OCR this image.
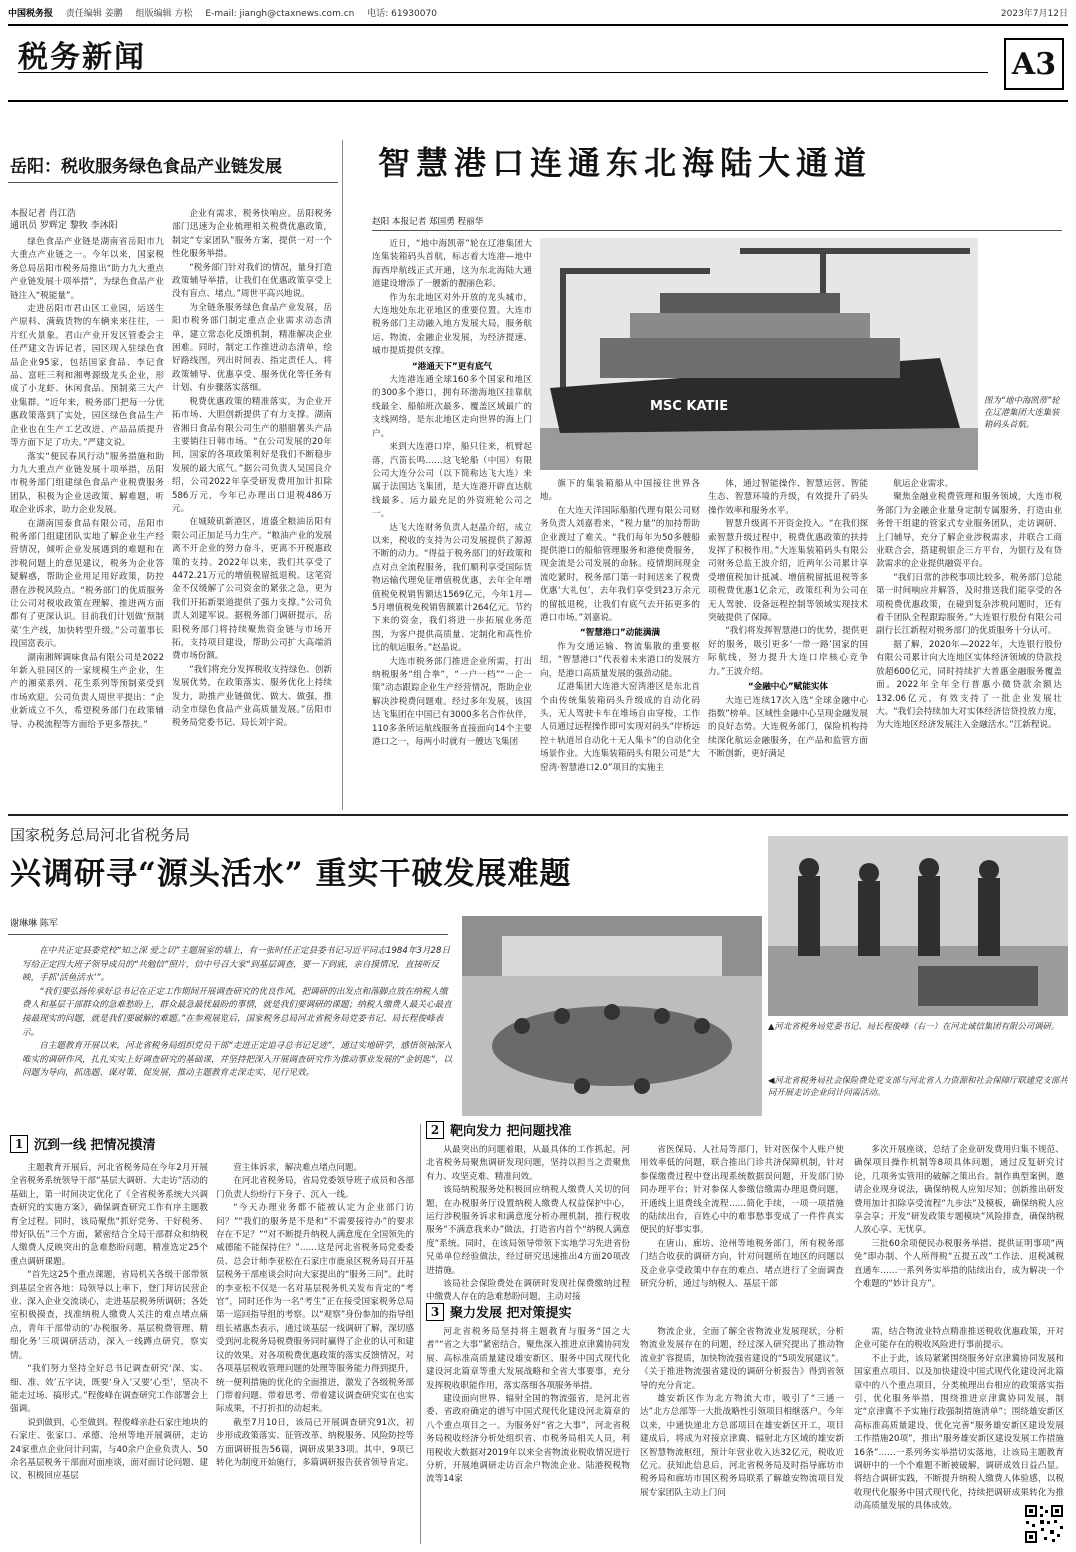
中国税务报 责任编辑 姜鹏 组版编辑 方松 E-mail: jiangh@ctaxnews.com.cn 电话: 61930070	2023年7月12日
税务新闻	A3
岳阳：税收服务绿色食品产业链发展
本报记者 肖江浩
通讯员 罗辉定 黎牧 李沐阳

绿色食品产业链是湖南省岳阳市九大重点产业链之一。今年以来，国家税务总局岳阳市税务局推出“助力九大重点产业链发展十项举措”，为绿色食品产业链注入“税能量”。

走进岳阳市君山区工业园，运送生产原料、满载货物的车辆来来往往，一片红火景象。君山产业开发区管委会主任严建文告诉记者，园区现入驻绿色食品企业95家，包括国家食品、李记食品、富旺三利和湘粤源级龙头企业，形成了小龙虾、休闲食品、预制菜三大产业集群。“近年来，税务部门把每一分优惠政策落到了实处，园区绿色食品生产企业也在生产工艺改进、产品品质提升等方面下足了功夫。”严建文说。

落实“便民春风行动”服务措施和助力九大重点产业链发展十项举措，岳阳市税务部门组建绿色食品产业税费服务团队，积极为企业送政策、解难题，听取企业诉求，助力企业发展。

在湖南国泰食品有限公司，岳阳市税务部门组建团队实地了解企业生产经营情况，倾听企业发展遇到的难题和在涉税问题上的意见建议，税务为企业答疑解惑，帮助企业用足用好政策，防控潜在涉税风险点。“税务部门的优质服务让公司对税收政策在理解、推进两方面都有了更深认识。目前我们计划做‘预制菜’生产线，加快转型升级。”公司董事长段国富表示。

湖南湘辉调味食品有限公司是2022年新入驻园区的一家规模生产企业，生产的湘菜系列、花生系列等预制菜受到市场欢迎。公司负责人周世平提出：“企业新成立不久，希望税务部门在政策辅导、办税流程等方面给予更多帮扶。”

企业有需求，税务快响应。岳阳税务部门迅速为企业梳理相关税费优惠政策，制定“专家团队”服务方案，提供一对一个性化服务举措。

“税务部门针对我们的情况，量身打造政策辅导举措，让我们在优惠政策享受上没有盲点、堵点。”周世平高兴地说。

为全链条服务绿色食品产业发展，岳阳市税务部门制定重点企业需求动态清单，建立常态化反馈机制，精准解决企业困难。同时，制定工作推进动态清单，绘好路线图，列出时间表、指定责任人，将政策辅导、优惠享受、服务优化等任务有计划、有步骤落实落细。

税费优惠政策的精准落实，为企业开拓市场、大胆创新提供了有力支撑。湖南省湘日食品有限公司生产的腊腊薯头产品主要销往日韩市场。“在公司发展的20年间，国家的各项政策利好是我们不断稳步发展的最大底气。”据公司负责人吴国良介绍，公司2022年享受研发费用加计扣除586万元，今年已办理出口退税486万元。

在城陵矶新港区，道盛全粮油岳阳有限公司正加足马力生产。“粮油产业的发展离不开企业的努力奋斗，更离不开税惠政策的支持。2022年以来，我们共享受了4472.21万元的增值税留抵退税。这笔资金不仅缓解了公司资金的紧张之急，更为我们开拓新渠道提供了强力支撑。”公司负责人刘建军说。据税务部门调研提示，岳阳税务部门将持续聚焦资金链与市场开拓，支持项目建设，帮助公司扩大高端消费市场份额。

“我们将充分发挥税收支持绿色、创新发展优势，在政策落实、服务优化上持续发力，助推产业链做优、做大、做强，推动全市绿色食品产业高质量发展。”岳阳市税务局党委书记、局长刘宇说。

智慧港口连通东北海陆大通道
赵阳 本报记者 郑国勇 程丽华

近日，“地中海凯蒂”轮在辽港集团大连集装箱码头首航，标志着大连港—地中海西岸航线正式开通，这为东北海陆大通道建设增添了一艘新的靓丽色彩。

作为东北地区对外开放的龙头城市，大连地处东北亚地区的重要位置。大连市税务部门主动融入地方发展大局，服务航运、物流、金融企业发展，为经济提速、城市提质提供支撑。

“港通天下”更有底气

大连港连通全球160多个国家和地区的300多个港口，拥有环渤海地区挂靠航线最全、船舶班次最多、覆盖区域最广的支线网络，是东北地区走向世界的海上门户。

来到大连港口岸，船只往来，机臂起落，汽笛长鸣……这飞轮船（中国）有限公司大连分公司（以下简称达飞大连）来属于法国达飞集团，是大连港开辟直达航线最多、运力最充足的外资班轮公司之一。

达飞大连财务负责人赵晶介绍，成立以来，税收的支持为公司发展提供了源源不断的动力。“得益于税务部门的好政策和点对点全流程服务，我们顺利享受国际货物运输代理免征增值税优惠，去年全年增值税免税销售额达1569亿元，今年1月—5月增值税免税销售额累计264亿元。节约下来的资金，我们将进一步拓展业务范围，为客户提供高质量、定制化和高性价比的航运服务。”赵晶说。

大连市税务部门推进企业所需，打出纳税服务“组合拳”，“一户一档”“一企一策”动态跟踪企业生产经营情况，帮助企业解决涉税费问题难。经过多年发展，该国达飞集团在中国已有3000多名合作伙伴，110多条所运航线服务直接面向14个主要港口之一，每两小时就有一艘达飞集团

MSC KATIE	图为“地中海凯蒂”轮在辽港集团大连集装箱码头首航。

旗下的集装箱船从中国接往世界各地。

在大连天洋国际船舶代理有限公司财务负责人刘嘉看来，“税力量”的加持帮助企业渡过了难关。“我们每年为50多艘船提供港口的船舶管理服务和港使费服务，现金流是公司发展的命脉。疫情期间现金流吃紧时，税务部门第一时间送来了税费优惠‘大礼包’，去年我们享受到23万余元的留抵退税，让我们有底气去开拓更多的港口市场。”刘嘉说。

“智慧港口”动能满满

作为交通运输、物流集散的重要枢纽，“智慧港口”代表着未来港口的发展方向，是港口高质量发展的强劲动能。

辽港集团大连港大窑湾港区是东北首个由传统集装箱码头升级成的自动化码头，无人驾驶卡车在堆场自由穿梭，工作人员通过远程操作即可实现对码头“岸桥远控＋轨道吊自动化＋无人集卡”的自动化全场景作业。大连集装箱码头有限公司是“大窑湾·智慧港口2.0”项目的实施主

体，通过智能操作、智慧运营、智能生态、智慧环境的升级，有效提升了码头操作效率和服务水平。

智慧升级离不开资金投入。“在我们探索智慧升级过程中，税费优惠政策的扶持发挥了积极作用。”大连集装箱码头有限公司财务总监王波介绍，近两年公司累计享受增值税加计抵减、增值税留抵退税等多项税费优惠1亿余元，政策红利为公司在无人驾驶、设备远程控制等领域实现技术突破提供了保障。

“我们将发挥智慧港口的优势，提供更好的服务，吸引更多‘一带一路’国家的国际航线，努力提升大连口岸核心竞争力。”王波介绍。

“金融中心”赋能实体

大连已连续17次入选“全球金融中心指数”榜单。区域性金融中心呈现金融发展的良好态势。大连税务部门，保险机构持续深化航运金融服务，在产品和监管方面不断创新，更好满足

航运企业需求。

聚焦金融业税费管理和服务领域，大连市税务部门为金融企业量身定制专属服务，打造由业务骨干组建的管家式专业服务团队，走访调研、上门辅导，充分了解企业涉税需求，并联合工商业联合会，搭建税银企三方平台，为银行及有贷款需求的企业提供融资平台。

“我们日常的涉税事项比较多，税务部门总能第一时间响应并解答，及时推送我们能享受的各项税费优惠政策，在碰到复杂涉税问题时，还有着千团队全程跟踪服务。”大连银行股份有限公司副行长江新程对税务部门的优质服务十分认可。

据了解，2020年—2022年，大连银行股份有限公司累计向大连地区实体经济领域的贷款投放超600亿元，同时持续扩大普惠金融服务覆盖面。2022年全年全行普惠小微贷款余额达132.06亿元，有效支持了一批企业发展壮大。“我们会持续加大对实体经济信贷投放力度，为大连地区经济发展注入金融活水。”江新程说。

国家税务总局河北省税务局
兴调研寻“源头活水” 重实干破发展难题
谢琳琳 陈军

在中共正定县委党校“知之深 爱之切”主题展室的墙上，有一张时任正定县委书记习近平同志1984年3月28日写给正定四大班子领导成员的“共勉信”照片，信中号召大家“到基层调查，要一下到底，亲自摸情况，直接听反映，手抓‘活鱼活水’”。

“我们要弘扬传承好总书记在正定工作期间开展调查研究的优良作风，把调研的出发点和落脚点放在纳税人缴费人和基层干部群众的急难愁盼上，群众最急最忧最盼的事情，就是我们要调研的课题；纳税人缴费人最关心最直接最现实的问题，就是我们要破解的难题。”在参观展览后，国家税务总局河北省税务局党委书记、局长程俊峰表示。

自主题教育开展以来，河北省税务局组织党员干部“走进正定追寻总书记足迹”，通过实地研学，感悟领袖深入唯实的调研作风，扎扎实实上好调查研究的基础课，并坚持把深入开展调查研究作为推动事业发展的“金钥匙”，以问题为导向，抓选题、谋对策、促发展，推动主题教育走深走实、见行见效。

▲河北省税务局党委书记、局长程俊峰（右一）在河北诚信集团有限公司调研。
◀河北省税务局社会保险费处党支部与河北省人力资源和社会保障厅联建党支部共同开展走访企业问计问需活动。
1 沉到一线 把情况摸清

主题教育开展后，河北省税务局在今年2月开展全省税务系统领导干部“基层大调研、大走访”活动的基础上，第一时间决定优化了《全省税务系统大兴调查研究的实施方案》，确保调查研究工作有序主题教育全过程。同时，该局聚焦“抓好党务、干好税务、带好队伍”三个方面，紧密结合全局干部群众和纳税人缴费人反映突出的急难愁盼问题，精准选定25个重点调研课题。

“首先这25个重点课题，省局机关各级干部带领到基层全省各地：局领导以上率下，登门拜访民营企业、深入企业交流谈心，走进基层税务所调研；各处室积极摸查，找准纳税人缴费人关注的难点堵点痛点，青年干部带动的‘办税服务、基层税费管理、精细化务’三项调研活动，深入一线蹲点研究，察实情。

“我们努力坚持全好总书记调查研究‘深、实、细、准、效’五字诀，既要‘身入’又要‘心至’，坚决不能走过场、搞形式。”程俊峰在调查研究工作部署会上强调。

说到做到，心至做到。程俊峰亲赴石家庄地块的石家庄、张家口、承德、沧州等地开展调研，走访24家重点企业问计问需，与40余户企业负责人、50余名基层税务干部面对面座谈，面对面讨论问题、建议，积极回应基层

营主体诉求，解决难点堵点问题。

在河北省税务局，省局党委领导班子成员和各部门负责人纷纷行下身子、沉入一线。

“今天办理业务都不能被认定为企业部门访问？”“我们的服务是不是和“不需要接待办”的要求存在不足？”“对不断提升纳税人满意度在全国领先的威德能不能保持住？”……这是河北省税务局党委委员、总会计师李亚松在石家庄市鹿泉区税务局召开基层税务干部座谈会时向大家提出的“服务三问”。此时的李亚松不仅是一名对基层税务机关发布肯定的“考官”，同时还作为一名“考生”正在接受国家税务总局第一巡回指导组的考察。以“观察”身份参加的指导组组长褚惠杰表示，通过谈基层一线调研了解，深切感受到河北税务局税费服务同时赢得了企业的认可和建议的效果。对各项税费优惠政策的落实反馈情况，对各项基层税收管理问题的处理等服务能力得到提升，统一便利措施的优化的全面推进，激发了各级税务部门带着问题、带着思考、带着建议调查研究实在也实际成果，不打折扣的动起来。

截至7月10日，该局已开展调查研究91次，初步形成政策落实、征管改革、纳税服务、风险防控等方面调研报告56篇，调研成果33项。其中，9项已转化为制度开始施行，多篇调研报告获省领导肯定。

2 靶向发力 把问题找准

从最突出的问题着眼，从最具体的工作抓起。河北省税务局聚焦调研发现问题，坚持以担当之责聚焦有力、攻坚克难、精准问效。

该局纳税服务处积极回应纳税人缴费人关切的问题，在办税服务厅设置纳税人缴费人权益保护中心，运行涉税服务诉求和满意度分析办理机制，推行税收服务“不满意我来办”做法，打造省内首个“纳税人满意度”系统。同时，在该局领导带领下实地学习先进省份兄弟单位经验做法，经过研究迅速推出4方面20项改进措施。

该局社会保险费处在调研时发现社保费缴纳过程中缴费人存在的急难愁盼问题，主动对接

省医保局、人社局等部门，针对医保个人账户使用效率低的问题，联合推出门诊共济保障机制，针对参保缴费过程中登出现系统数据误问题，开发部门协同办理平台；针对参保人参缴信缴需办理退费问题，开通线上退费线全流程……简化手续，一项一项措施的陆续出台，百姓心中的难事愁事变成了一件件真实便民的好事实事。

在唐山、廊坊、沧州等地税务部门，所有税务部门结合收获的调研方向，针对问题所在地区的问题以及企业享受政策中存在的难点、堵点进行了全面调查研究分析，通过与纳税人、基层干部

多次开展座谈，总结了企业研发费用归集不规范、确保项目操作机制等8项具体问题，通过反复研究讨论，几项务实管用的破解之策出台。制作典型案例，邀请企业现身说法，确保纳税人应知尽知；创新推出研发费用加计扣除享受流程“九步法”及模板，确保纳税人应享会享；开发“研发政策专题模块”风险排查，确保纳税人放心享、无忧享。

三批60余项便民办税服务举措、提供证明事项“两免”即办制、个人所得税“五提五改”工作法、退税减税直通车……一系列务实举措的陆续出台，成为解决一个个难题的“妙计良方”。

3 聚力发展 把对策提实

河北省税务局坚持将主题教育与服务“国之大者”“省之大事”紧密结合，聚焦深入推进京津冀协同发展、高标准高质量建设雄安新区、服务中国式现代化建设河北篇章等重大发展战略和全省大事要事，充分发挥税收职能作用，落实落细各项服务举措。

建设面向世界、辐射全国的物流强省，是河北省委、省政府确定的谱写中国式现代化建设河北篇章的八个重点项目之一。为服务好“省之大事”，河北省税务局税收经济分析处组织省、市税务局相关人员，利用税收大数据对2019年以来全省物流业税收情况进行分析，开展地调研走访百余户物流企业、陆港税税物流等14家

物流企业，全面了解全省物流业发展现状，分析物流业发展存在的问题，经过深入研究提出了推动物流业扩容提质，加快物流强省建设的“5项发展建议”。《关于推进物流强省建设的调研分析报告》得到省领导的充分肯定。

雄安新区作为北方物流大市，吸引了“三通一达”北方总部等一大批战略性引领项目相继落户。今年以来，中通快递北方总部项目在雄安新区开工，项目建成后，将成为对接京津冀、辐射北方区域的雄安新区智慧物流枢纽，预计年营业收入达32亿元，税收近亿元。获知此信息后，河北省税务局及时指导廊坊市税务局和廊坊市国区税务局联系了解雄安物流项目发展专家团队主动上门问

需，结合物流业特点精准推送税收优惠政策，开对企业可能存在的税收风险进行事前提示。

不止于此，该局紧紧围绕服务好京津冀协同发展和国家重点项目、以及加快建设中国式现代化建设河北篇章中的八个重点项目，分类梳理出台相应的政策落实指引，优化服务举措，围绕推进京津冀协同发展，制定“京津冀不予实施行政强制措施清单”；围绕雄安新区高标准高质量建设，优化完善“服务雄安新区建设发展工作措施20项”，推出“服务雄安新区建设发展工作措施16条”……一系列务实举措切实落地，让该局主题教育调研中的一个个难题不断被破解，调研成效日益凸显。将结合调研实践，不断提升纳税人缴费人体验感，以税收现代化服务中国式现代化，持续把调研成果转化为推动高质量发展的具体成效。
